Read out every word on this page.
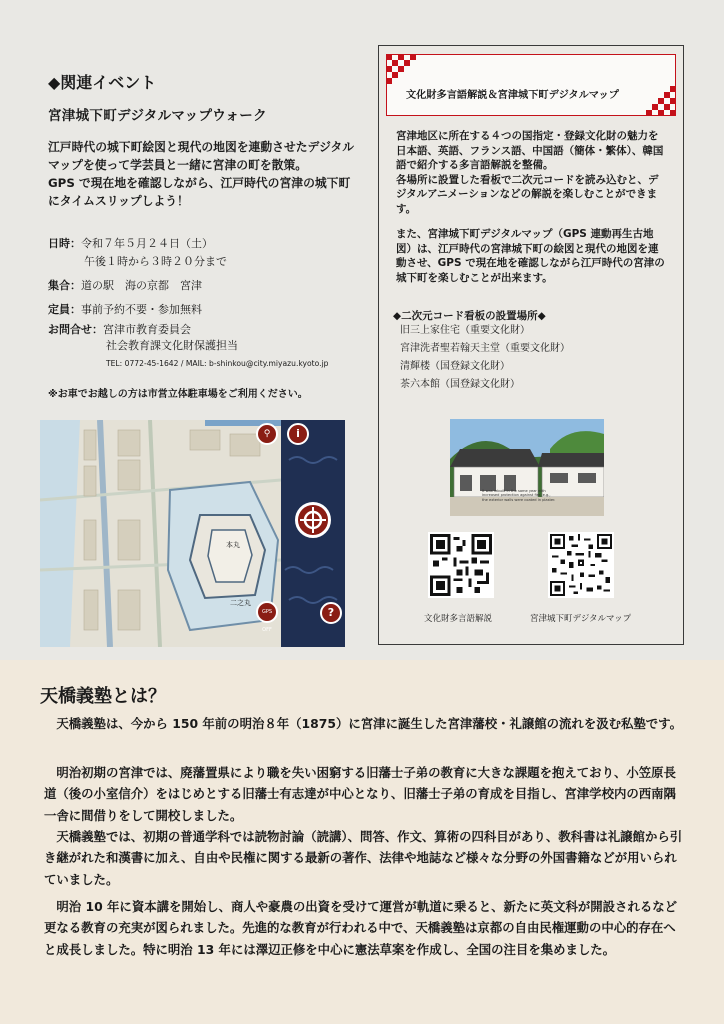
◆関連イベント
宮津城下町デジタルマップウォーク

江戸時代の城下町絵図と現代の地図を連動させたデジタルマップを使って学芸員と一緒に宮津の町を散策。

GPS で現在地を確認しながら、江戸時代の宮津の城下町にタイムスリップしよう！

日時：令和７年５月２４日（土）
午後１時から３時２０分まで
集合：道の駅　海の京都　宮津
定員：事前予約不要・参加無料
お問合せ：宮津市教育委員会
社会教育課文化財保護担当
TEL: 0772-45-1642 / MAIL: b-shinkou@city.miyazu.kyoto.jp
※お車でお越しの方は市営立体駐車場をご利用ください。
本丸
二之丸
⚲	i
GPS OFF
?
文化財多言語解説＆宮津城下町デジタルマップ

宮津地区に所在する４つの国指定・登録文化財の魅力を日本語、英語、フランス語、中国語（簡体・繁体）、韓国語で紹介する多言語解説を整備。

各場所に設置した看板で二次元コードを読み込むと、デジタルアニメーションなどの解説を楽しむことができます。

また、宮津城下町デジタルマップ（GPS 連動再生古地図）は、江戸時代の宮津城下町の絵図と現代の地図を連動させ、GPS で現在地を確認しながら江戸時代の宮津の城下町を楽しむことが出来ます。

◆二次元コード看板の設置場所◆
旧三上家住宅（重要文化財）
宮津洗者聖若翰天主堂（重要文化財）
清輝楼（国登録文化財）
茶六本館（国登録文化財）
It was rebuilt in the same year with increased protection against fire, e.g., the exterior walls were coated in plaster.
文化財多言語解説	宮津城下町デジタルマップ
天橋義塾とは？

天橋義塾は、今から 150 年前の明治８年（1875）に宮津に誕生した宮津藩校・礼譲館の流れを汲む私塾です。

明治初期の宮津では、廃藩置県により職を失い困窮する旧藩士子弟の教育に大きな課題を抱えており、小笠原長道（後の小室信介）をはじめとする旧藩士有志達が中心となり、旧藩士子弟の育成を目指し、宮津学校内の西南隅一舎に間借りをして開校しました。

天橋義塾では、初期の普通学科では読物討論（読講）、問答、作文、算術の四科目があり、教科書は礼譲館から引き継がれた和漢書に加え、自由や民権に関する最新の著作、法律や地誌など様々な分野の外国書籍などが用いられていました。

明治 10 年に資本講を開始し、商人や豪農の出資を受けて運営が軌道に乗ると、新たに英文科が開設されるなど更なる教育の充実が図られました。先進的な教育が行われる中で、天橋義塾は京都の自由民権運動の中心的存在へと成長しました。特に明治 13 年には澤辺正修を中心に憲法草案を作成し、全国の注目を集めました。
